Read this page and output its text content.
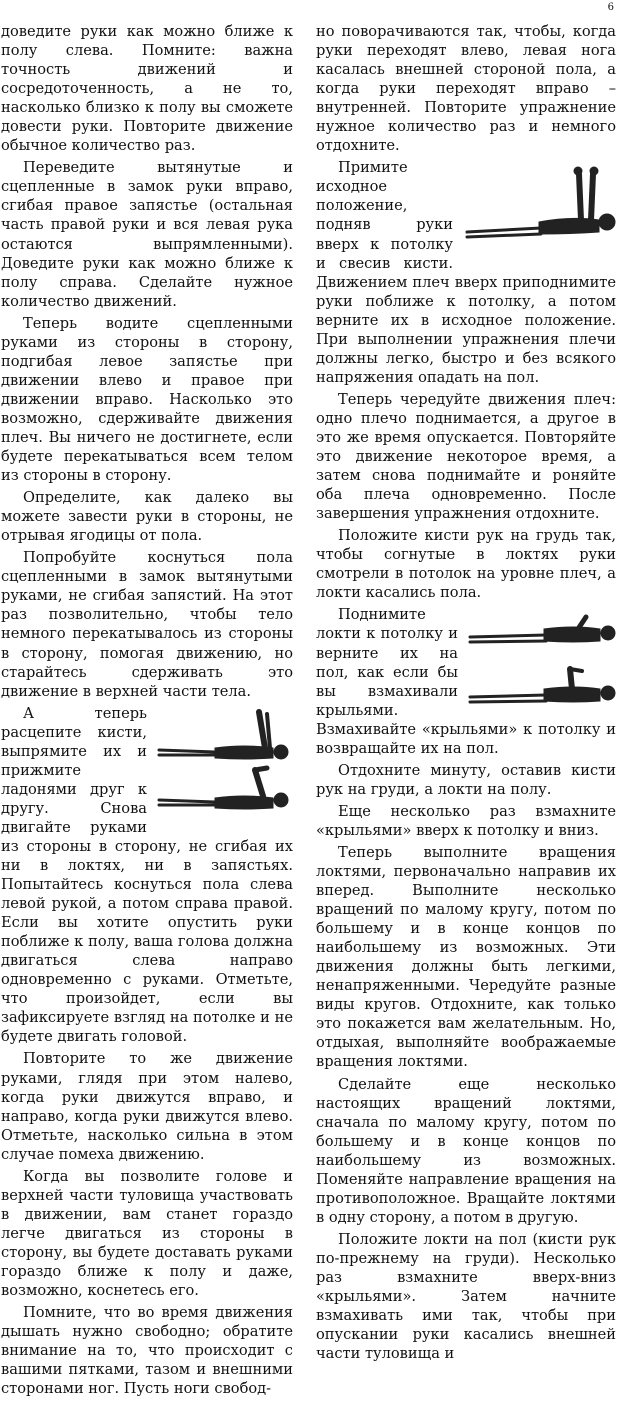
6

доведите руки как можно ближе к полу слева. Помните: важна точность движений и сосредоточенность, а не то, насколько близко к полу вы сможете довести руки. Повторите движение обычное количество раз.

Переведите вытянутые и сцепленные в замок руки вправо, сгибая правое запястье (остальная часть правой руки и вся левая рука остаются выпрямленными). Доведите руки как можно ближе к полу справа. Сделайте нужное количество движений.

Теперь водите сцепленными руками из стороны в сторону, подгибая левое запястье при движении влево и правое при движении вправо. Насколько это возможно, сдерживайте движения плеч. Вы ничего не достигнете, если будете перекатываться всем телом из стороны в сторону.

Определите, как далеко вы можете завести руки в стороны, не отрывая ягодицы от пола.

Попробуйте коснуться пола сцепленными в замок вытянутыми руками, не сгибая запястий. На этот раз позволительно, чтобы тело немного перекатывалось из стороны в сторону, помогая движению, но старайтесь сдерживать это движение в верхней части тела.

А теперь расцепите кисти, выпрямите их и прижмите ладонями друг к другу. Снова двигайте руками из стороны в сторону, не сгибая их ни в локтях, ни в запястьях. Попытайтесь коснуться пола слева левой рукой, а потом справа правой. Если вы хотите опустить руки поближе к полу, ваша голова должна двигаться слева направо одновременно с руками. Отметьте, что произойдет, если вы зафиксируете взгляд на потолке и не будете двигать головой.

Повторите то же движение руками, глядя при этом налево, когда руки движутся вправо, и направо, когда руки движутся влево. Отметьте, насколько сильна в этом случае помеха движению.

Когда вы позволите голове и верхней части туловища участвовать в движении, вам станет гораздо легче двигаться из стороны в сторону, вы будете доставать руками гораздо ближе к полу и даже, возможно, коснетесь его.

Помните, что во время движения дышать нужно свободно; обратите внимание на то, что происходит с вашими пятками, тазом и внешними сторонами ног. Пусть ноги свобод-

но поворачиваются так, чтобы, когда руки переходят влево, левая нога касалась внешней стороной пола, а когда руки переходят вправо – внутренней. Повторите упражнение нужное количество раз и немного отдохните.

Примите исходное положение, подняв руки вверх к потолку и свесив кисти. Движением плеч вверх приподнимите руки поближе к потолку, а потом верните их в исходное положение. При выполнении упражнения плечи должны легко, быстро и без всякого напряжения опадать на пол.

Теперь чередуйте движения плеч: одно плечо поднимается, а другое в это же время опускается. Повторяйте это движение некоторое время, а затем снова поднимайте и роняйте оба плеча одновременно. После завершения упражнения отдохните.

Положите кисти рук на грудь так, чтобы согнутые в локтях руки смотрели в потолок на уровне плеч, а локти касались пола.

Поднимите локти к потолку и верните их на пол, как если бы вы взмахивали крыльями. Взмахивайте «крыльями» к потолку и возвращайте их на пол.

Отдохните минуту, оставив кисти рук на груди, а локти на полу.

Еще несколько раз взмахните «крыльями» вверх к потолку и вниз.

Теперь выполните вращения локтями, первоначально направив их вперед. Выполните несколько вращений по малому кругу, потом по большему и в конце концов по наибольшему из возможных. Эти движения должны быть легкими, ненапряженными. Чередуйте разные виды кругов. Отдохните, как только это покажется вам желательным. Но, отдыхая, выполняйте воображаемые вращения локтями.

Сделайте еще несколько настоящих вращений локтями, сначала по малому кругу, потом по большему и в конце концов по наибольшему из возможных. Поменяйте направление вращения на противоположное. Вращайте локтями в одну сторону, а потом в другую.

Положите локти на пол (кисти рук по-прежнему на груди). Несколько раз взмахните вверх-вниз «крыльями». Затем начните взмахивать ими так, чтобы при опускании руки касались внешней части туловища и
